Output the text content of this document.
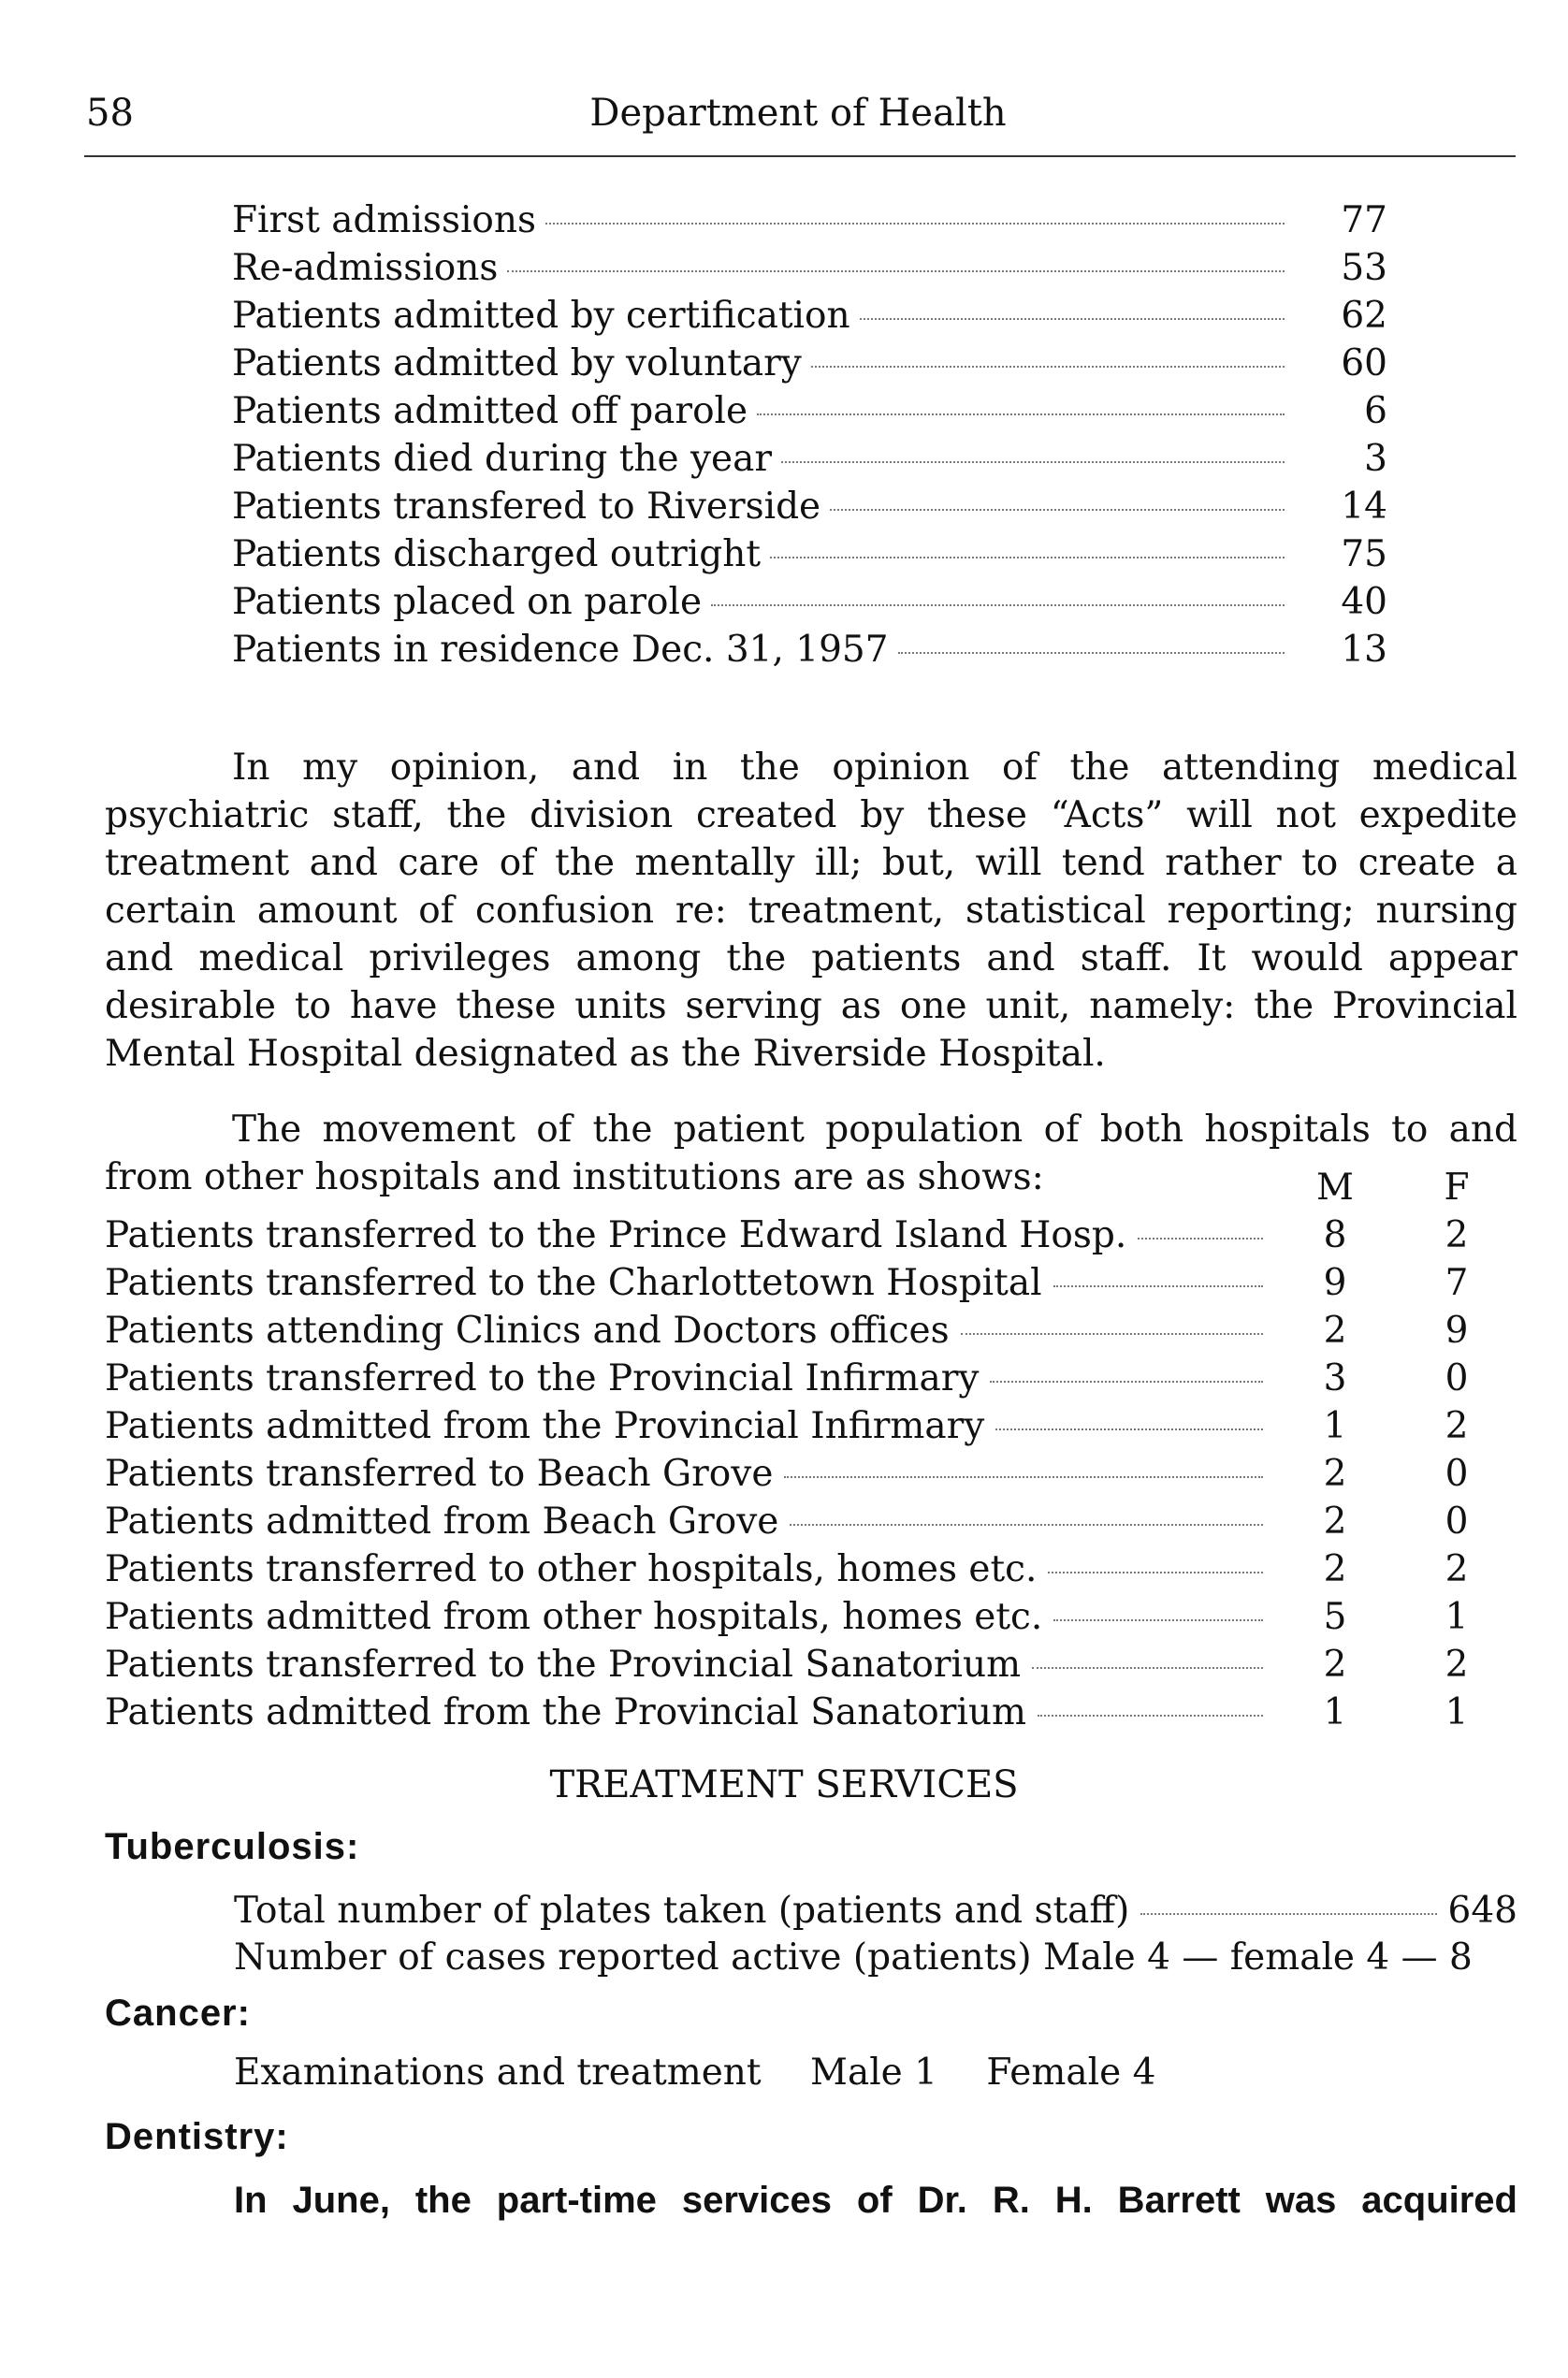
58	Department of Health
First admissions	77
Re-admissions	53
Patients admitted by certification	62
Patients admitted by voluntary	60
Patients admitted off parole	6
Patients died during the year	3
Patients transfered to Riverside	14
Patients discharged outright	75
Patients placed on parole	40
Patients in residence Dec. 31, 1957	13

In my opinion, and in the opinion of the attending medical psychiatric staff, the division created by these “Acts” will not expedite treatment and care of the mentally ill; but, will tend rather to create a certain amount of confusion re: treatment, statistical reporting; nursing and medical privileges among the patients and staff. It would appear desirable to have these units serving as one unit, namely: the Provincial Mental Hospital designated as the Riverside Hospital.

The movement of the patient population of both hospitals to and from other hospitals and institutions are as shows:	M	F
Patients transferred to the Prince Edward Island Hosp.	8	2
Patients transferred to the Charlottetown Hospital	9	7
Patients attending Clinics and Doctors offices	2	9
Patients transferred to the Provincial Infirmary	3	0
Patients admitted from the Provincial Infirmary	1	2
Patients transferred to Beach Grove	2	0
Patients admitted from Beach Grove	2	0
Patients transferred to other hospitals, homes etc.	2	2
Patients admitted from other hospitals, homes etc.	5	1
Patients transferred to the Provincial Sanatorium	2	2
Patients admitted from the Provincial Sanatorium	1	1
TREATMENT SERVICES
Tuberculosis:
Total number of plates taken (patients and staff)	648
Number of cases reported active (patients) Male 4 — female 4 — 8
Cancer:
Examinations and treatment Male 1 Female 4
Dentistry:
In June, the part-time services of Dr. R. H. Barrett was acquired
